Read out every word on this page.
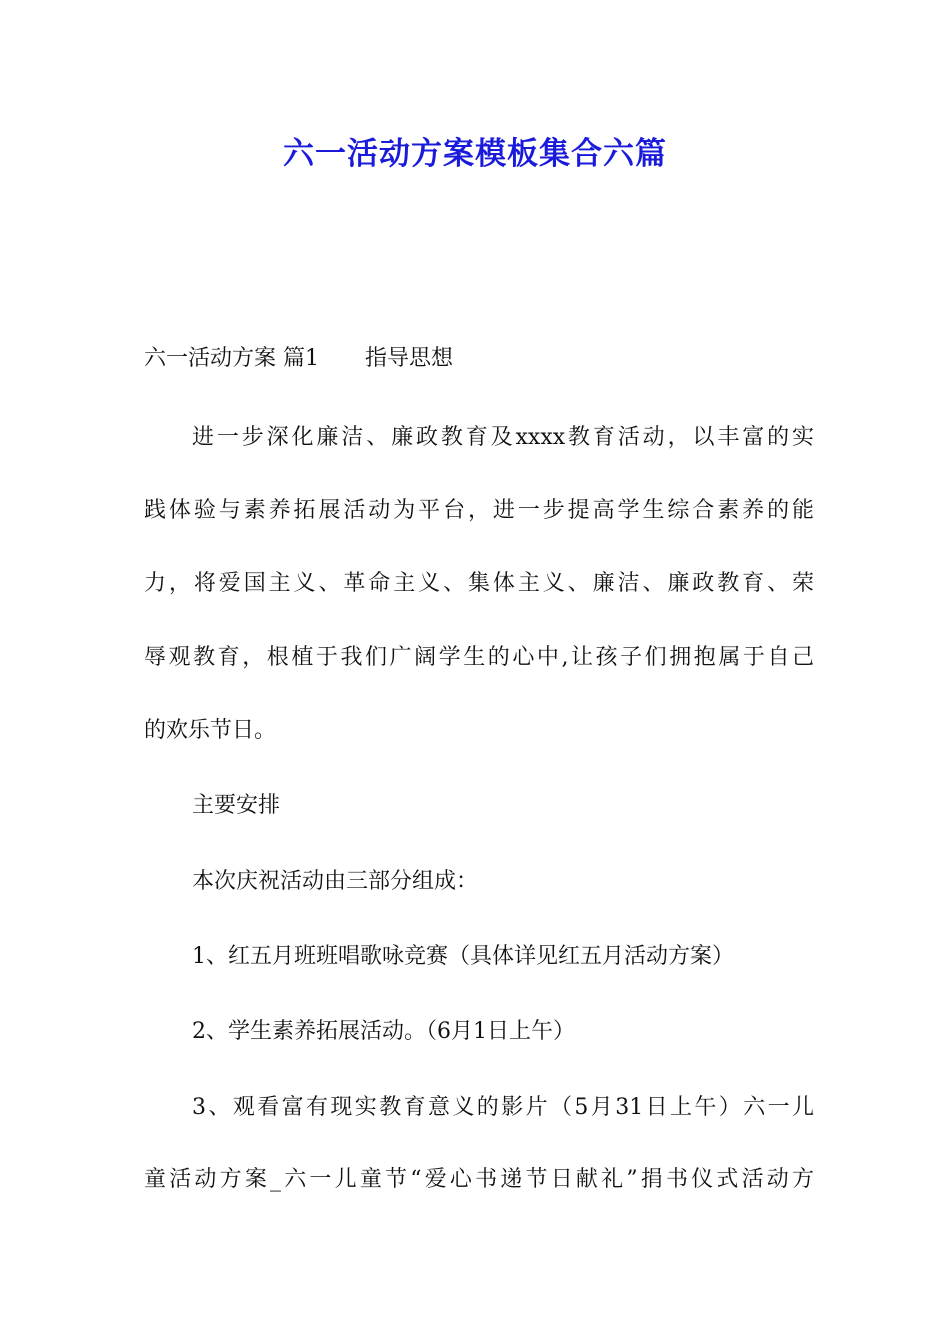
六一活动方案模板集合六篇
六一活动方案 篇1 指导思想

进一步深化廉洁、廉政教育及xxxx教育活动，以丰富的实

践体验与素养拓展活动为平台，进一步提高学生综合素养的能

力，将爱国主义、革命主义、集体主义、廉洁、廉政教育、荣

辱观教育，根植于我们广阔学生的心中,让孩子们拥抱属于自己

的欢乐节日。

主要安排

本次庆祝活动由三部分组成：

1、红五月班班唱歌咏竞赛（具体详见红五月活动方案）

2、学生素养拓展活动。（6月1日上午）

3、观看富有现实教育意义的影片（5月31日上午）六一儿

童活动方案_六一儿童节“爱心书递节日献礼”捐书仪式活动方
